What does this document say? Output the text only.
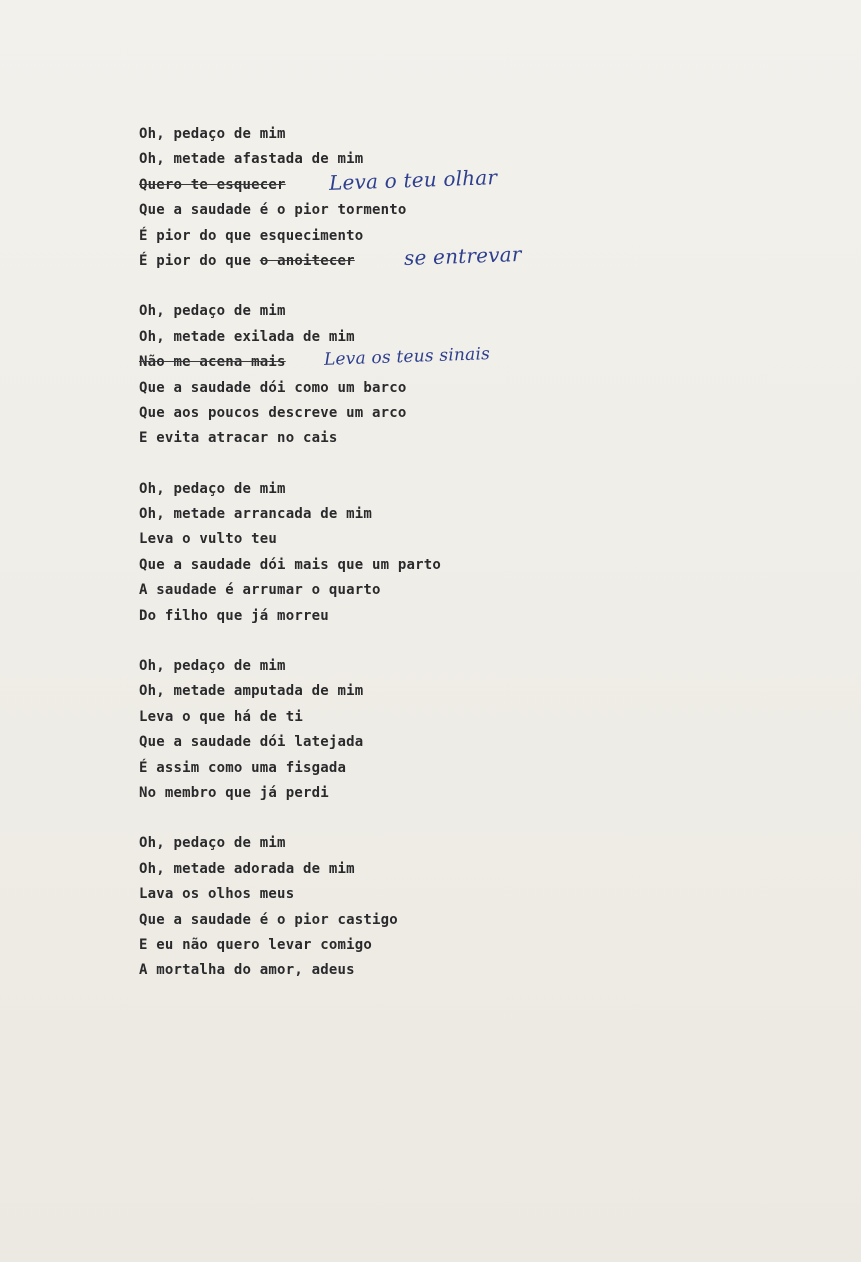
Oh, pedaço de mim
Oh, metade afastada de mim
Quero te esquecer Leva o teu olhar
Que a saudade é o pior tormento
É pior do que esquecimento
É pior do que o anoitecer se entrevar
Oh, pedaço de mim
Oh, metade exilada de mim
Não me acena mais Leva os teus sinais
Que a saudade dói como um barco
Que aos poucos descreve um arco
E evita atracar no cais
Oh, pedaço de mim
Oh, metade arrancada de mim
Leva o vulto teu
Que a saudade dói mais que um parto
A saudade é arrumar o quarto
Do filho que já morreu
Oh, pedaço de mim
Oh, metade amputada de mim
Leva o que há de ti
Que a saudade dói latejada
É assim como uma fisgada
No membro que já perdi
Oh, pedaço de mim
Oh, metade adorada de mim
Lava os olhos meus
Que a saudade é o pior castigo
E eu não quero levar comigo
A mortalha do amor, adeus
